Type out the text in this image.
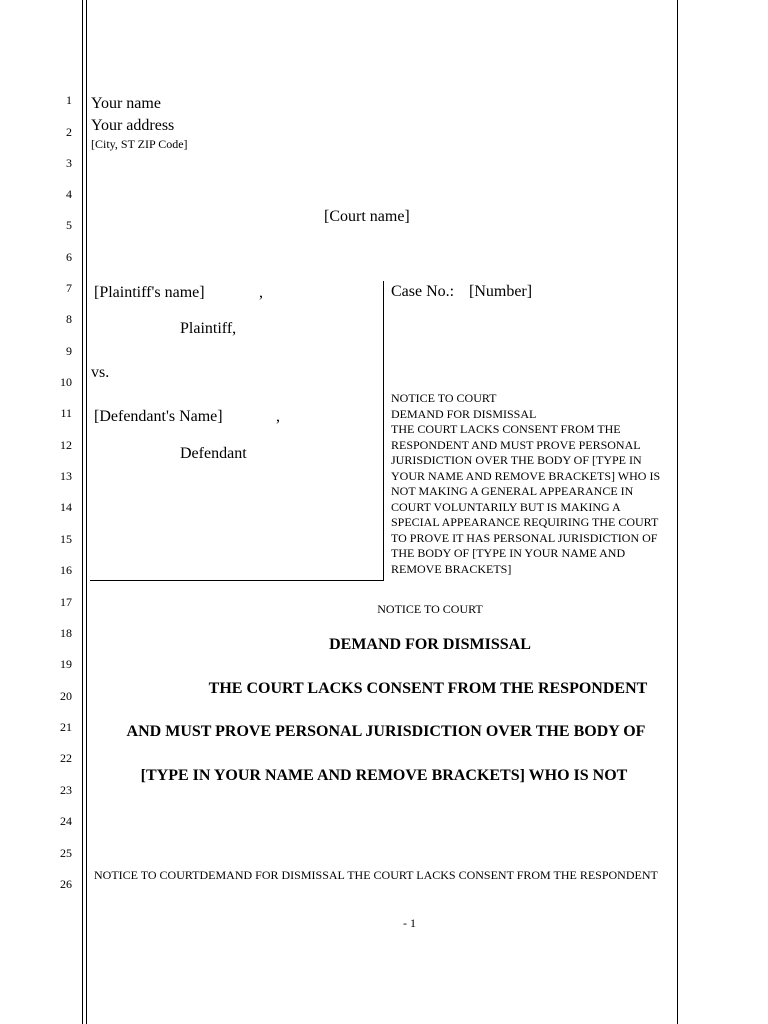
1
2
3
4
5
6
7
8
9
10
11
12
13
14
15
16
17
18
19
20
21
22
23
24
25
26
Your name
Your address
[City, ST ZIP Code]
[Court name]
[Plaintiff's name]	,
Plaintiff,
vs.
[Defendant's Name]	,
Defendant
Case No.: [Number]
NOTICE TO COURT
DEMAND FOR DISMISSAL
THE COURT LACKS CONSENT FROM THE
RESPONDENT AND MUST PROVE PERSONAL
JURISDICTION OVER THE BODY OF [TYPE IN
YOUR NAME AND REMOVE BRACKETS] WHO IS
NOT MAKING A GENERAL APPEARANCE IN
COURT VOLUNTARILY BUT IS MAKING A
SPECIAL APPEARANCE REQUIRING THE COURT
TO PROVE IT HAS PERSONAL JURISDICTION OF
THE BODY OF [TYPE IN YOUR NAME AND
REMOVE BRACKETS]
NOTICE TO COURT
DEMAND FOR DISMISSAL
THE COURT LACKS CONSENT FROM THE RESPONDENT
AND MUST PROVE PERSONAL JURISDICTION OVER THE BODY OF
[TYPE IN YOUR NAME AND REMOVE BRACKETS] WHO IS NOT
NOTICE TO COURTDEMAND FOR DISMISSAL THE COURT LACKS CONSENT FROM THE RESPONDENT
- 1
